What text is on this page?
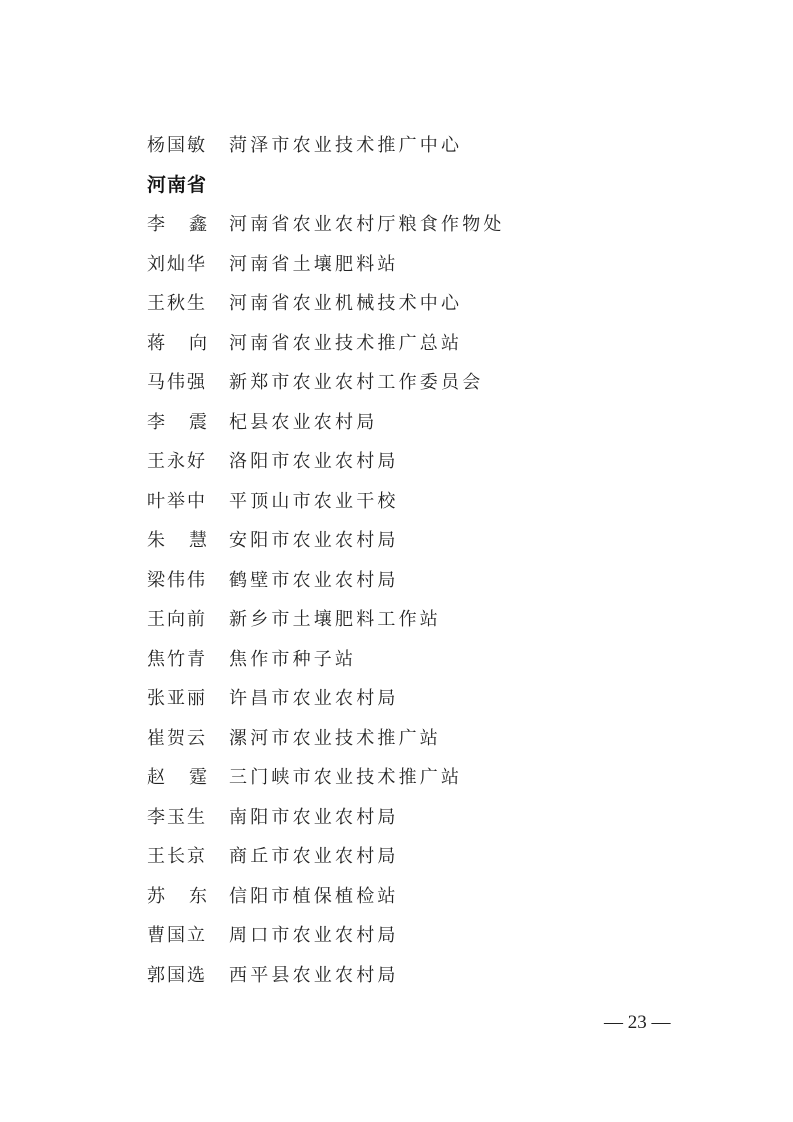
河南省
— 23 —
杨国敏 菏泽市农业技术推广中心
李 鑫 河南省农业农村厅粮食作物处
刘灿华 河南省土壤肥料站
王秋生 河南省农业机械技术中心
蒋 向 河南省农业技术推广总站
马伟强 新郑市农业农村工作委员会
李 震 杞县农业农村局
王永好 洛阳市农业农村局
叶举中 平顶山市农业干校
朱 慧 安阳市农业农村局
梁伟伟 鹤壁市农业农村局
王向前 新乡市土壤肥料工作站
焦竹青 焦作市种子站
张亚丽 许昌市农业农村局
崔贺云 漯河市农业技术推广站
赵 霆 三门峡市农业技术推广站
李玉生 南阳市农业农村局
王长京 商丘市农业农村局
苏 东 信阳市植保植检站
曹国立 周口市农业农村局
郭国选 西平县农业农村局
